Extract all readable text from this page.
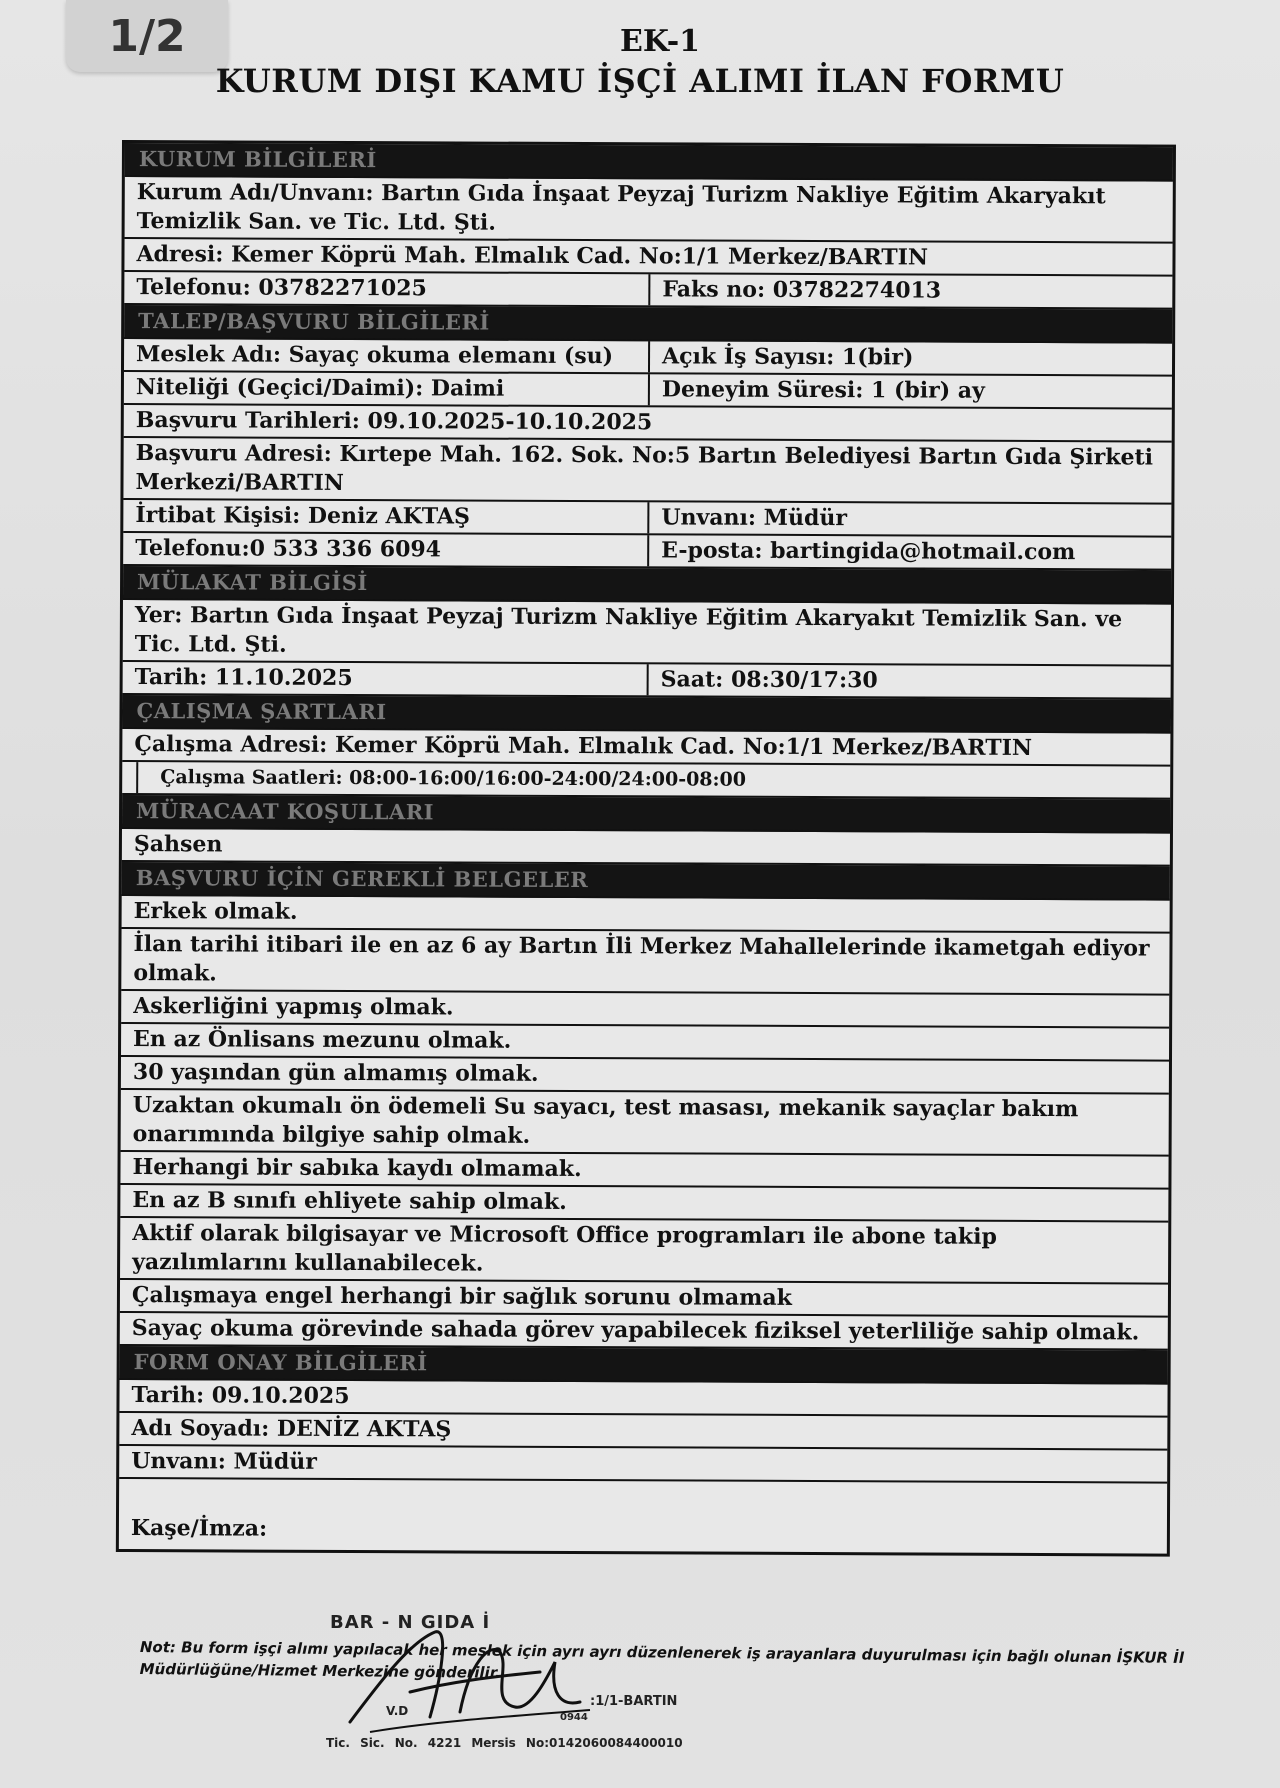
1/2	EK-1
KURUM DIŞI KAMU İŞÇİ ALIMI İLAN FORMU
KURUM BİLGİLERİ
Kurum Adı/Unvanı: Bartın Gıda İnşaat Peyzaj Turizm Nakliye Eğitim Akaryakıt Temizlik San. ve Tic. Ltd. Şti.
Adresi: Kemer Köprü Mah. Elmalık Cad. No:1/1 Merkez/BARTIN
Telefonu: 03782271025	Faks no: 03782274013
TALEP/BAŞVURU BİLGİLERİ
Meslek Adı: Sayaç okuma elemanı (su)	Açık İş Sayısı: 1(bir)
Niteliği (Geçici/Daimi): Daimi	Deneyim Süresi: 1 (bir) ay
Başvuru Tarihleri: 09.10.2025-10.10.2025
Başvuru Adresi: Kırtepe Mah. 162. Sok. No:5 Bartın Belediyesi Bartın Gıda Şirketi Merkezi/BARTIN
İrtibat Kişisi: Deniz AKTAŞ	Unvanı: Müdür
Telefonu:0 533 336 6094	E-posta: bartingida@hotmail.com
MÜLAKAT BİLGİSİ
Yer: Bartın Gıda İnşaat Peyzaj Turizm Nakliye Eğitim Akaryakıt Temizlik San. ve Tic. Ltd. Şti.
Tarih: 11.10.2025	Saat: 08:30/17:30
ÇALIŞMA ŞARTLARI
Çalışma Adresi: Kemer Köprü Mah. Elmalık Cad. No:1/1 Merkez/BARTIN
Çalışma Saatleri: 08:00-16:00/16:00-24:00/24:00-08:00
MÜRACAAT KOŞULLARI
Şahsen
BAŞVURU İÇİN GEREKLİ BELGELER
Erkek olmak.
İlan tarihi itibari ile en az 6 ay Bartın İli Merkez Mahallelerinde ikametgah ediyor olmak.
Askerliğini yapmış olmak.
En az Önlisans mezunu olmak.
30 yaşından gün almamış olmak.
Uzaktan okumalı ön ödemeli Su sayacı, test masası, mekanik sayaçlar bakım onarımında bilgiye sahip olmak.
Herhangi bir sabıka kaydı olmamak.
En az B sınıfı ehliyete sahip olmak.
Aktif olarak bilgisayar ve Microsoft Office programları ile abone takip yazılımlarını kullanabilecek.
Çalışmaya engel herhangi bir sağlık sorunu olmamak
Sayaç okuma görevinde sahada görev yapabilecek fiziksel yeterliliğe sahip olmak.
FORM ONAY BİLGİLERİ
Tarih: 09.10.2025
Adı Soyadı: DENİZ AKTAŞ
Unvanı: Müdür
Kaşe/İmza:
BAR - N GIDA İ
V.D
:1/1-BARTIN
0944
Tic. Sic. No. 4221 Mersis No:0142060084400010
Not: Bu form işçi alımı yapılacak her meslek için ayrı ayrı düzenlenerek iş arayanlara duyurulması için bağlı olunan İŞKUR İl Müdürlüğüne/Hizmet Merkezine gönderilir.
